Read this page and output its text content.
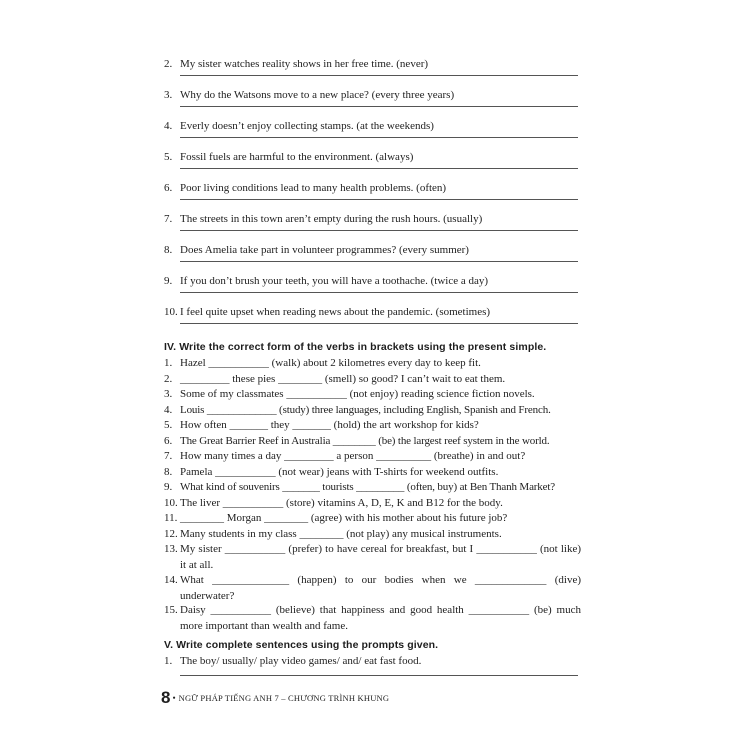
2. My sister watches reality shows in her free time. (never)
3. Why do the Watsons move to a new place? (every three years)
4. Everly doesn’t enjoy collecting stamps. (at the weekends)
5. Fossil fuels are harmful to the environment. (always)
6. Poor living conditions lead to many health problems. (often)
7. The streets in this town aren’t empty during the rush hours. (usually)
8. Does Amelia take part in volunteer programmes? (every summer)
9. If you don’t brush your teeth, you will have a toothache. (twice a day)
10. I feel quite upset when reading news about the pandemic. (sometimes)
IV. Write the correct form of the verbs in brackets using the present simple.
1. Hazel ___________ (walk) about 2 kilometres every day to keep fit.
2. _________ these pies ________ (smell) so good? I can’t wait to eat them.
3. Some of my classmates ___________ (not enjoy) reading science fiction novels.
4. Louis _____________ (study) three languages, including English, Spanish and French.
5. How often _______ they _______ (hold) the art workshop for kids?
6. The Great Barrier Reef in Australia ________ (be) the largest reef system in the world.
7. How many times a day _________ a person __________ (breathe) in and out?
8. Pamela ___________ (not wear) jeans with T-shirts for weekend outfits.
9. What kind of souvenirs _______ tourists _________ (often, buy) at Ben Thanh Market?
10. The liver ___________ (store) vitamins A, D, E, K and B12 for the body.
11. ________ Morgan ________ (agree) with his mother about his future job?
12. Many students in my class ________ (not play) any musical instruments.
13. My sister ___________ (prefer) to have cereal for breakfast, but I ___________ (not like) it at all.
14. What ______________ (happen) to our bodies when we _____________ (dive) underwater?
15. Daisy ___________ (believe) that happiness and good health ___________ (be) much more important than wealth and fame.
V. Write complete sentences using the prompts given.
1. The boy/ usually/ play video games/ and/ eat fast food.
8 • NGỮ PHÁP TIẾNG ANH 7 – CHƯƠNG TRÌNH KHUNG
